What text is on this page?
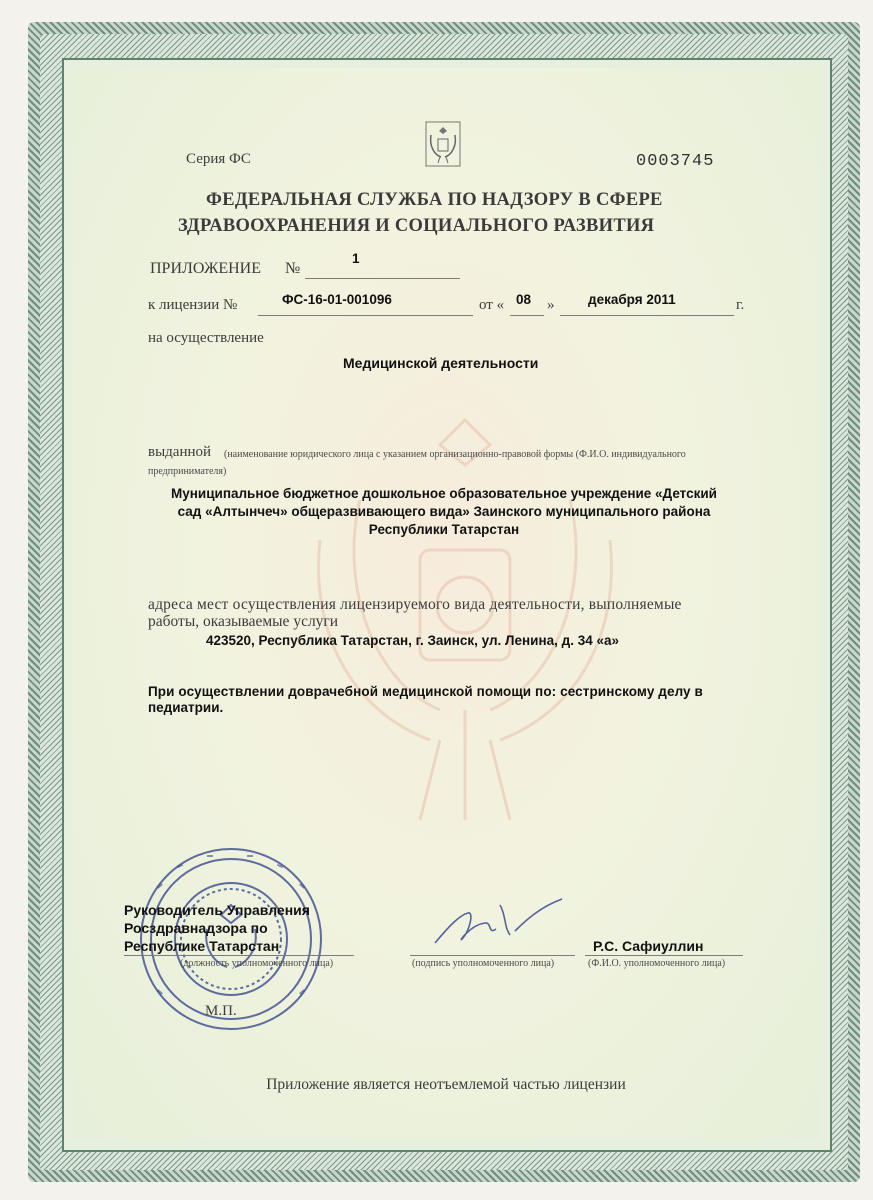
Серия ФС	0003745

ФЕДЕРАЛЬНАЯ СЛУЖБА ПО НАДЗОРУ В СФЕРЕ

ЗДРАВООХРАНЕНИЯ И СОЦИАЛЬНОГО РАЗВИТИЯ

ПРИЛОЖЕНИЕ №

1

к лицензии №	ФС-16-01-001096	от « 08 » декабря 2011	г.

на осуществление

Медицинской деятельности

выданной (наименование юридического лица с указанием организационно-правовой формы (Ф.И.О. индивидуального

предпринимателя)

Муниципальное бюджетное дошкольное образовательное учреждение «Детский

сад «Алтынчеч» общеразвивающего вида» Заинского муниципального района

Республики Татарстан

адреса мест осуществления лицензируемого вида деятельности, выполняемые

работы, оказываемые услуги

423520, Республика Татарстан, г. Заинск, ул. Ленина, д. 34 «а»

При осуществлении доврачебной медицинской помощи по: сестринскому делу в

педиатрии.

Руководитель Управления

Росздравнадзора по

Республике Татарстан

(должность уполномоченного лица)	(подпись уполномоченного лица)

Р.С. Сафиуллин

(Ф.И.О. уполномоченного лица)

М.П.

Приложение является неотъемлемой частью лицензии
